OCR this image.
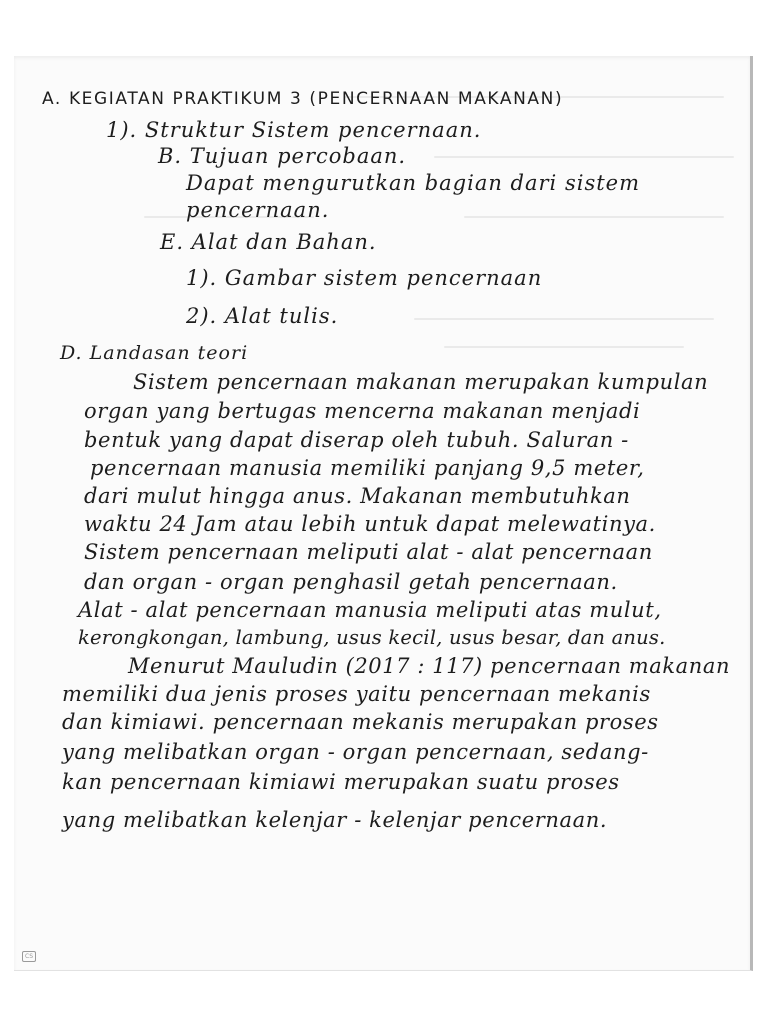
A. KEGIATAN PRAKTIKUM 3 (PENCERNAAN MAKANAN)
1). Struktur Sistem pencernaan.
B. Tujuan percobaan.
Dapat mengurutkan bagian dari sistem
pencernaan.
E. Alat dan Bahan.
1). Gambar sistem pencernaan
2). Alat tulis.
D. Landasan teori
Sistem pencernaan makanan merupakan kumpulan
organ yang bertugas mencerna makanan menjadi
bentuk yang dapat diserap oleh tubuh. Saluran -
pencernaan manusia memiliki panjang 9,5 meter,
dari mulut hingga anus. Makanan membutuhkan
waktu 24 Jam atau lebih untuk dapat melewatinya.
Sistem pencernaan meliputi alat - alat pencernaan
dan organ - organ penghasil getah pencernaan.
Alat - alat pencernaan manusia meliputi atas mulut,
kerongkongan, lambung, usus kecil, usus besar, dan anus.
Menurut Mauludin (2017 : 117) pencernaan makanan
memiliki dua jenis proses yaitu pencernaan mekanis
dan kimiawi. pencernaan mekanis merupakan proses
yang melibatkan organ - organ pencernaan, sedang-
kan pencernaan kimiawi merupakan suatu proses
yang melibatkan kelenjar - kelenjar pencernaan.
CS
